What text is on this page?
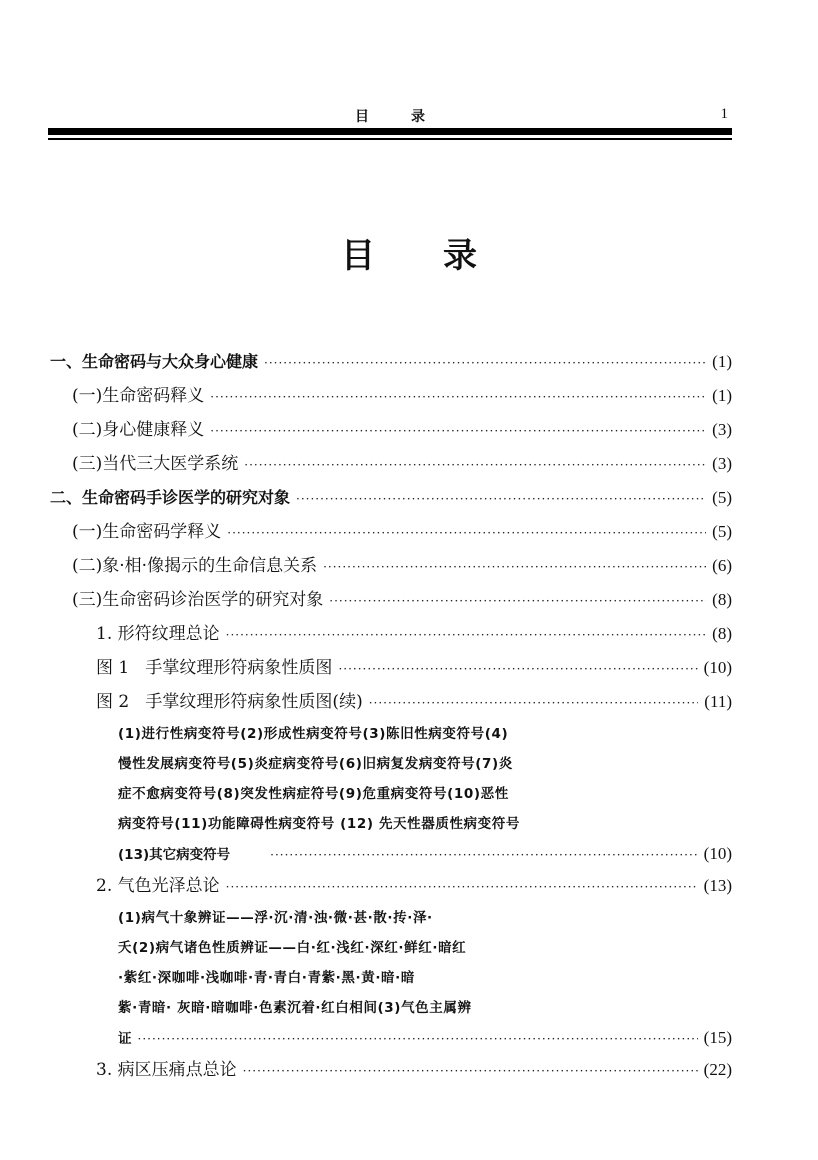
目录	1
目 录
一、生命密码与大众身心健康 ·····	(1)
(一)生命密码释义 ·····	(1)
(二)身心健康释义 ·····	(3)
(三)当代三大医学系统 ·····	(3)
二、生命密码手诊医学的研究对象 ·····	(5)
(一)生命密码学释义 ·····	(5)
(二)象·相·像揭示的生命信息关系 ·····	(6)
(三)生命密码诊治医学的研究对象 ·····	(8)
1. 形符纹理总论 ·····	(8)
图 1   手掌纹理形符病象性质图 ·····	(10)
图 2   手掌纹理形符病象性质图(续) ·····	(11)
(1)进行性病变符号(2)形成性病变符号(3)陈旧性病变符号(4)
慢性发展病变符号(5)炎症病变符号(6)旧病复发病变符号(7)炎
症不愈病变符号(8)突发性病症符号(9)危重病变符号(10)恶性
病变符号(11)功能障碍性病变符号 (12) 先天性器质性病变符号
(13)其它病变符号 ·····	(10)
2. 气色光泽总论 ·····	(13)
(1)病气十象辨证——浮·沉·清·浊·微·甚·散·抟·泽·
夭(2)病气诸色性质辨证——白·红·浅红·深红·鲜红·暗红
·紫红·深咖啡·浅咖啡·青·青白·青紫·黑·黄·暗·暗
紫·青暗· 灰暗·暗咖啡·色素沉着·红白相间(3)气色主属辨
证 ·····	(15)
3. 病区压痛点总论 ·····	(22)
